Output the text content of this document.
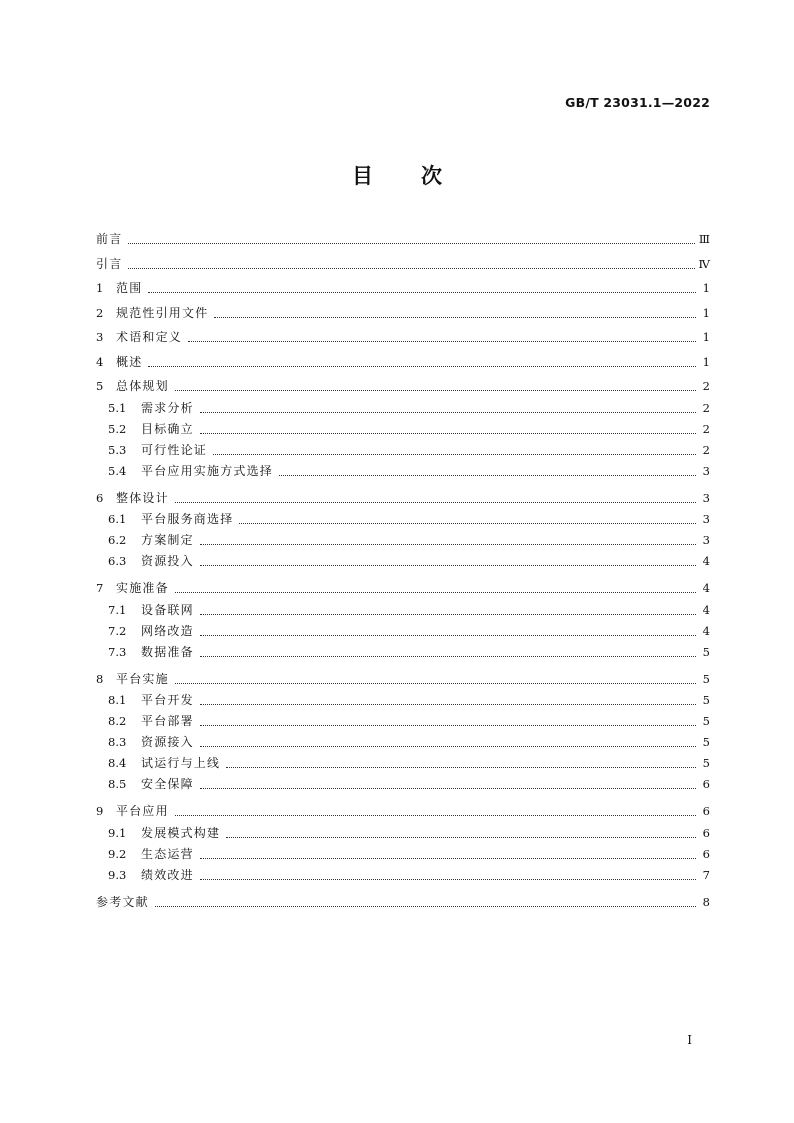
GB/T 23031.1—2022
目 次
前言	Ⅲ
引言	Ⅳ
1	范围	1
2	规范性引用文件	1
3	术语和定义	1
4	概述	1
5	总体规划	2
5.1	需求分析	2
5.2	目标确立	2
5.3	可行性论证	2
5.4	平台应用实施方式选择	3
6	整体设计	3
6.1	平台服务商选择	3
6.2	方案制定	3
6.3	资源投入	4
7	实施准备	4
7.1	设备联网	4
7.2	网络改造	4
7.3	数据准备	5
8	平台实施	5
8.1	平台开发	5
8.2	平台部署	5
8.3	资源接入	5
8.4	试运行与上线	5
8.5	安全保障	6
9	平台应用	6
9.1	发展模式构建	6
9.2	生态运营	6
9.3	绩效改进	7
参考文献	8
I
